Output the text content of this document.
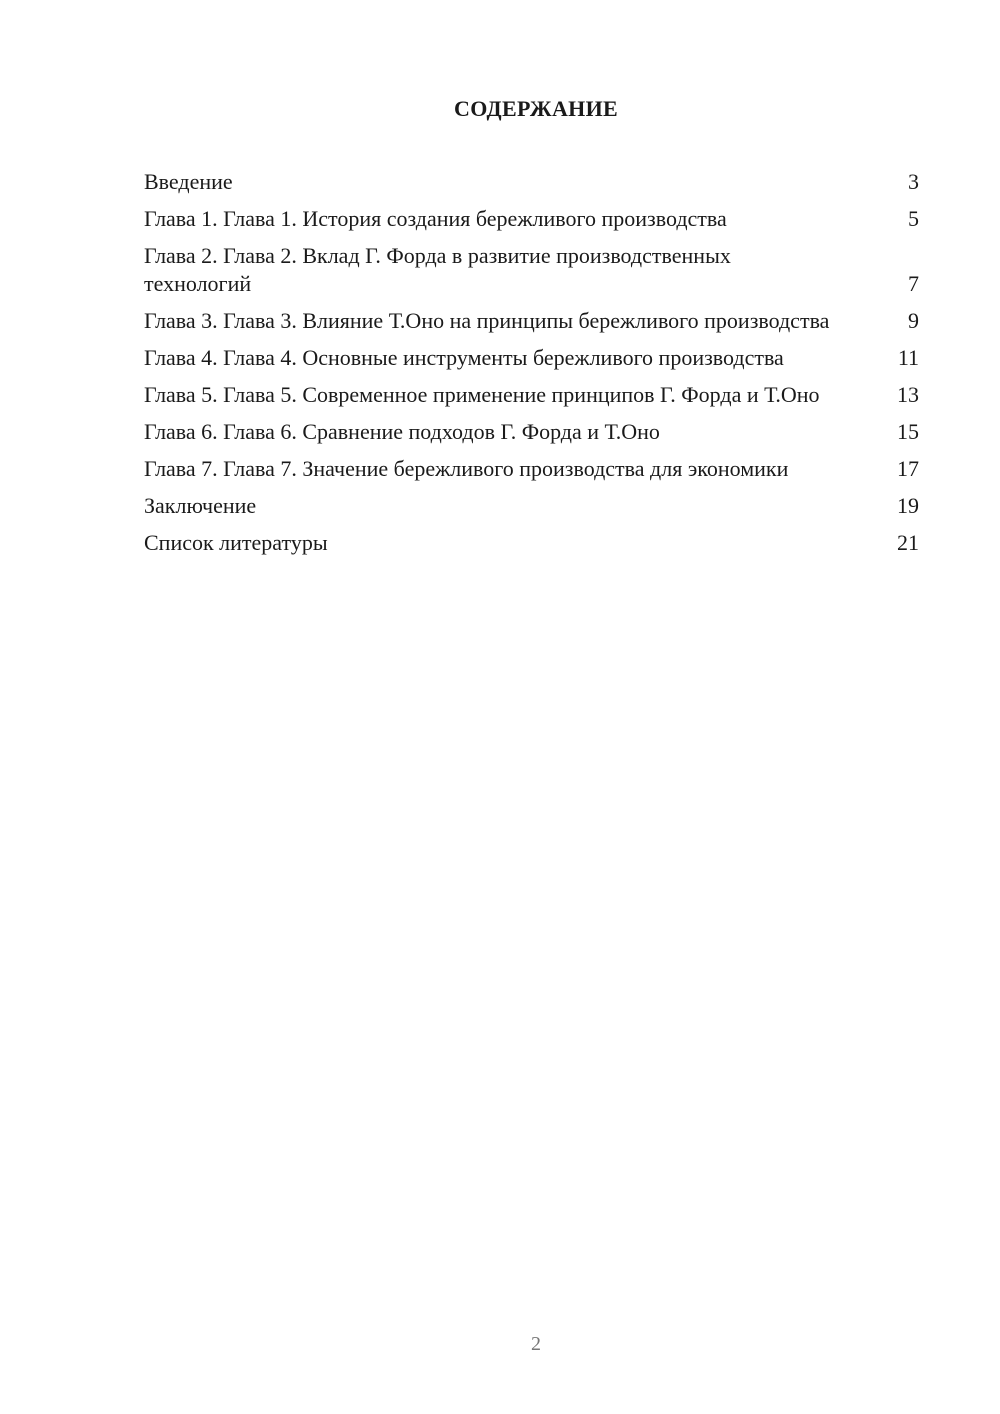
СОДЕРЖАНИЕ
Введение	3
Глава 1. Глава 1. История создания бережливого производства	5
Глава 2. Глава 2. Вклад Г. Форда в развитие производственных технологий	7
Глава 3. Глава 3. Влияние Т.Оно на принципы бережливого производства	9
Глава 4. Глава 4. Основные инструменты бережливого производства	11
Глава 5. Глава 5. Современное применение принципов Г. Форда и Т.Оно	13
Глава 6. Глава 6. Сравнение подходов Г. Форда и Т.Оно	15
Глава 7. Глава 7. Значение бережливого производства для экономики	17
Заключение	19
Список литературы	21
2
